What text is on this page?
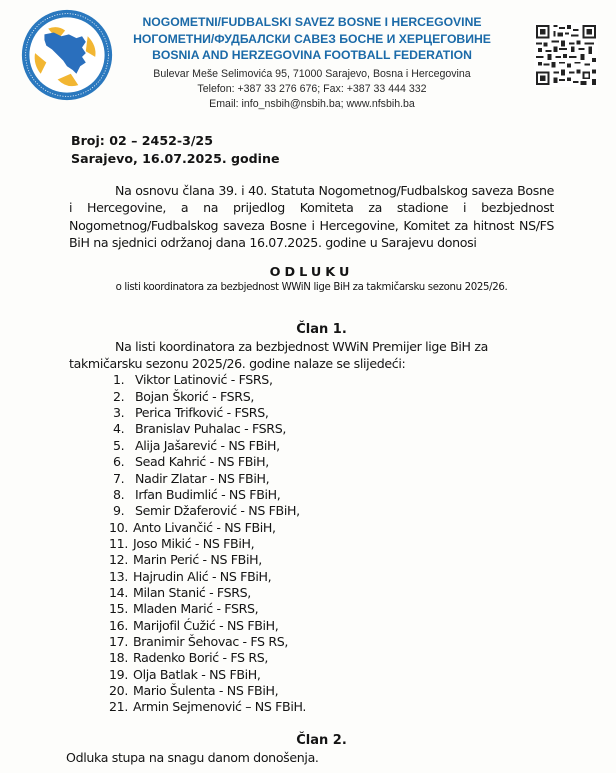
NOGOMETNI/FUDBALSKI SAVEZ BOSNE I HERCEGOVINE
НОГОМЕТНИ/ФУДБАЛСКИ САВЕЗ БОСНЕ И ХЕРЦЕГОВИНЕ
BOSNIA AND HERZEGOVINA FOOTBALL FEDERATION
Bulevar Meše Selimovića 95, 71000 Sarajevo, Bosna i Hercegovina
Telefon: +387 33 276 676; Fax: +387 33 444 332
Email: info_nsbih@nsbih.ba; www.nfsbih.ba
Broj: 02 – 2452-3/25
Sarajevo, 16.07.2025. godine
Na osnovu člana 39. i 40. Statuta Nogometnog/Fudbalskog saveza Bosne i Hercegovine, a na prijedlog Komiteta za stadione i bezbjednost Nogometnog/Fudbalskog saveza Bosne i Hercegovine, Komitet za hitnost NS/FS BiH na sjednici održanoj dana 16.07.2025. godine u Sarajevu donosi
ODLUKU
o listi koordinatora za bezbjednost WWiN lige BiH za takmičarsku sezonu 2025/26.
Član 1.
Na listi koordinatora za bezbjednost WWiN Premijer lige BiH za takmičarsku sezonu 2025/26. godine nalaze se slijedeći:
1. Viktor Latinović - FSRS,
2. Bojan Škorić - FSRS,
3. Perica Trifković - FSRS,
4. Branislav Puhalac - FSRS,
5. Alija Jašarević - NS FBiH,
6. Sead Kahrić - NS FBiH,
7. Nadir Zlatar - NS FBiH,
8. Irfan Budimlić - NS FBiH,
9. Semir Džaferović - NS FBiH,
10. Anto Livančić - NS FBiH,
11. Joso Mikić - NS FBiH,
12. Marin Perić - NS FBiH,
13. Hajrudin Alić - NS FBiH,
14. Milan Stanić - FSRS,
15. Mladen Marić - FSRS,
16. Marijofil Ćužić - NS FBiH,
17. Branimir Šehovac - FS RS,
18. Radenko Borić - FS RS,
19. Olja Batlak - NS FBiH,
20. Mario Šulenta - NS FBiH,
21. Armin Sejmenović – NS FBiH.
Član 2.
Odluka stupa na snagu danom donošenja.
